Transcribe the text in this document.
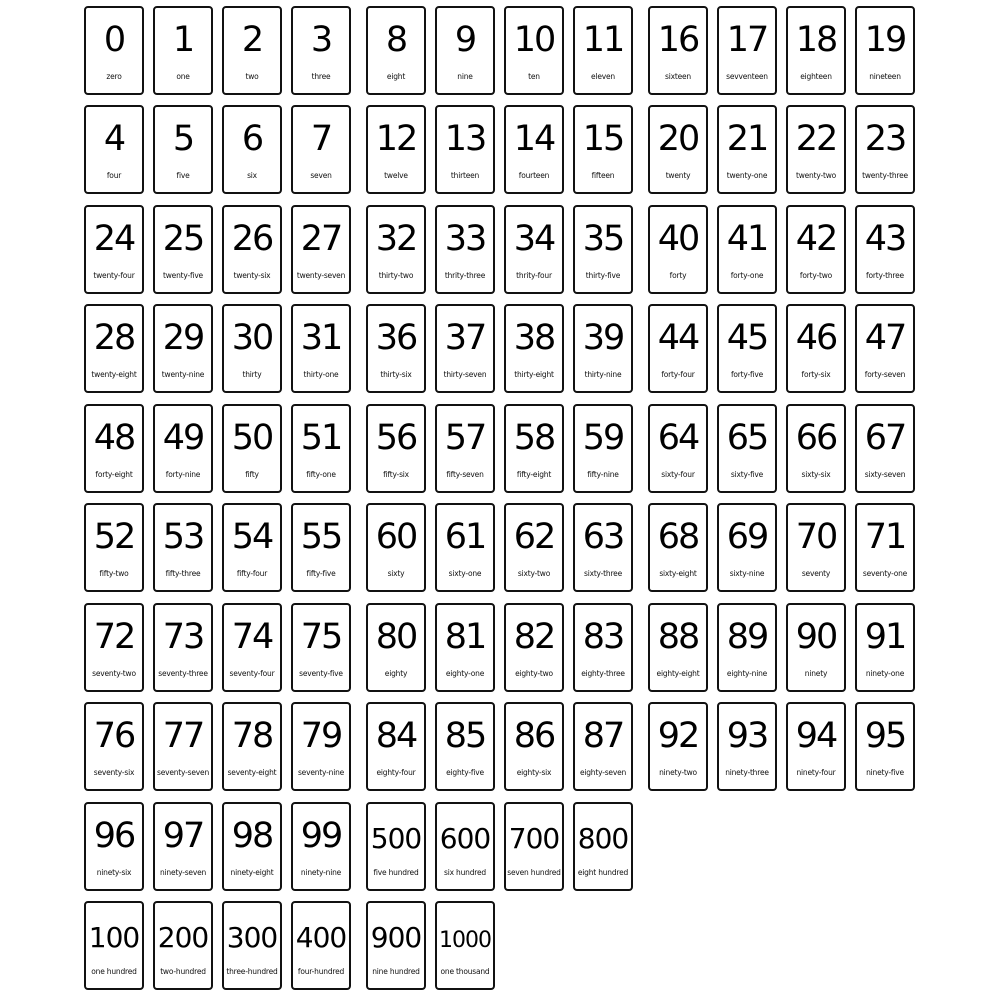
0
zero
1
one
2
two
3
three
8
eight
9
nine
10
ten
11
eleven
16
sixteen
17
sevventeen
18
eighteen
19
nineteen
4
four
5
five
6
six
7
seven
12
twelve
13
thirteen
14
fourteen
15
fifteen
20
twenty
21
twenty-one
22
twenty-two
23
twenty-three
24
twenty-four
25
twenty-five
26
twenty-six
27
twenty-seven
32
thirty-two
33
thrity-three
34
thrity-four
35
thirty-five
40
forty
41
forty-one
42
forty-two
43
forty-three
28
twenty-eight
29
twenty-nine
30
thirty
31
thirty-one
36
thirty-six
37
thirty-seven
38
thirty-eight
39
thirty-nine
44
forty-four
45
forty-five
46
forty-six
47
forty-seven
48
forty-eight
49
forty-nine
50
fifty
51
fifty-one
56
fifty-six
57
fifty-seven
58
fifty-eight
59
fifty-nine
64
sixty-four
65
sixty-five
66
sixty-six
67
sixty-seven
52
fifty-two
53
fifty-three
54
fifty-four
55
fifty-five
60
sixty
61
sixty-one
62
sixty-two
63
sixty-three
68
sixty-eight
69
sixty-nine
70
seventy
71
seventy-one
72
seventy-two
73
seventy-three
74
seventy-four
75
seventy-five
80
eighty
81
eighty-one
82
eighty-two
83
eighty-three
88
eighty-eight
89
eighty-nine
90
ninety
91
ninety-one
76
seventy-six
77
seventy-seven
78
seventy-eight
79
seventy-nine
84
eighty-four
85
eighty-five
86
eighty-six
87
eighty-seven
92
ninety-two
93
ninety-three
94
ninety-four
95
ninety-five
96
ninety-six
97
ninety-seven
98
ninety-eight
99
ninety-nine
500
five hundred
600
six hundred
700
seven hundred
800
eight hundred
100
one hundred
200
two-hundred
300
three-hundred
400
four-hundred
900
nine hundred
1000
one thousand
